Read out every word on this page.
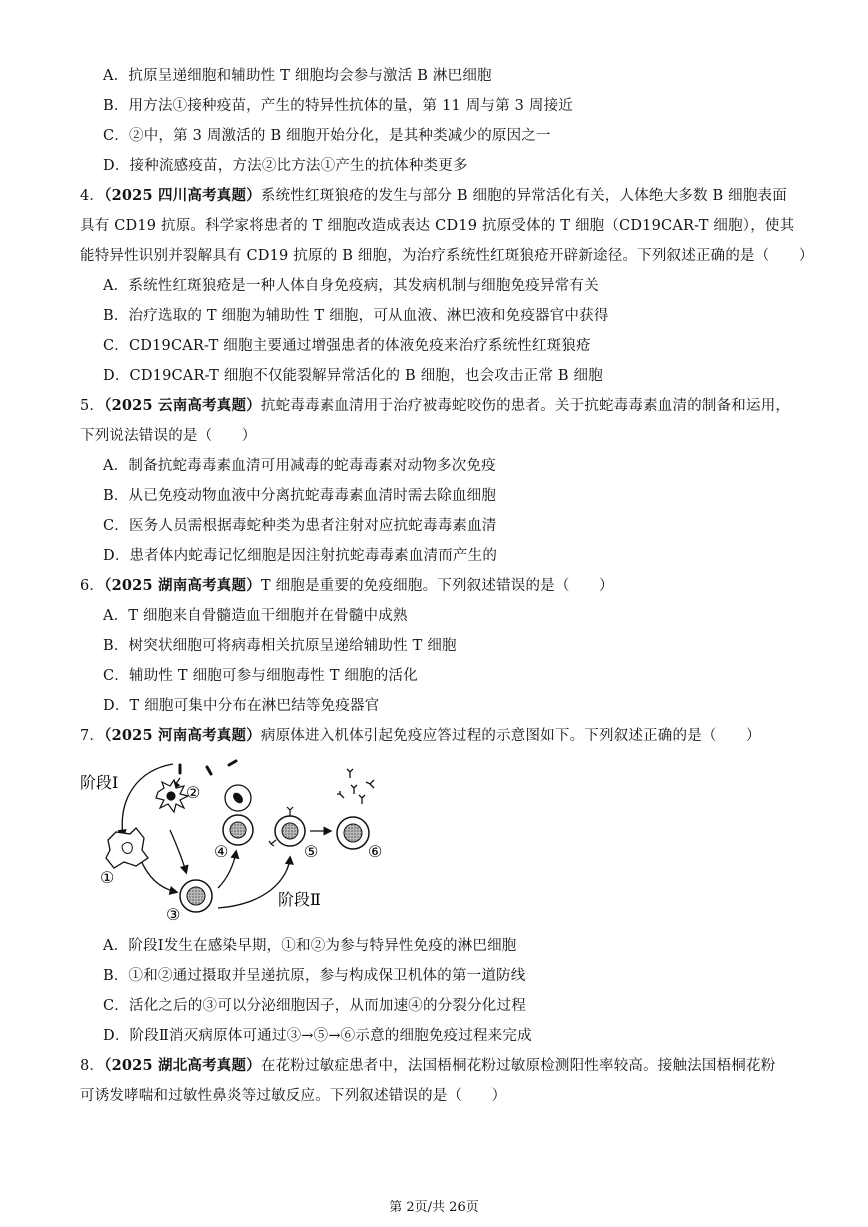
A．抗原呈递细胞和辅助性 T 细胞均会参与激活 B 淋巴细胞
B．用方法①接种疫苗，产生的特异性抗体的量，第 11 周与第 3 周接近
C．②中，第 3 周激活的 B 细胞开始分化，是其种类减少的原因之一
D．接种流感疫苗，方法②比方法①产生的抗体种类更多
4．（2025 四川高考真题）系统性红斑狼疮的发生与部分 B 细胞的异常活化有关，人体绝大多数 B 细胞表面
具有 CD19 抗原。科学家将患者的 T 细胞改造成表达 CD19 抗原受体的 T 细胞（CD19CAR-T 细胞），使其
能特异性识别并裂解具有 CD19 抗原的 B 细胞，为治疗系统性红斑狼疮开辟新途径。下列叙述正确的是（　　）
A．系统性红斑狼疮是一种人体自身免疫病，其发病机制与细胞免疫异常有关
B．治疗选取的 T 细胞为辅助性 T 细胞，可从血液、淋巴液和免疫器官中获得
C．CD19CAR-T 细胞主要通过增强患者的体液免疫来治疗系统性红斑狼疮
D．CD19CAR-T 细胞不仅能裂解异常活化的 B 细胞，也会攻击正常 B 细胞
5．（2025 云南高考真题）抗蛇毒毒素血清用于治疗被毒蛇咬伤的患者。关于抗蛇毒毒素血清的制备和运用，
下列说法错误的是（　　）
A．制备抗蛇毒毒素血清可用减毒的蛇毒毒素对动物多次免疫
B．从已免疫动物血液中分离抗蛇毒毒素血清时需去除血细胞
C．医务人员需根据毒蛇种类为患者注射对应抗蛇毒毒素血清
D．患者体内蛇毒记忆细胞是因注射抗蛇毒毒素血清而产生的
6．（2025 湖南高考真题）T 细胞是重要的免疫细胞。下列叙述错误的是（　　）
A．T 细胞来自骨髓造血干细胞并在骨髓中成熟
B．树突状细胞可将病毒相关抗原呈递给辅助性 T 细胞
C．辅助性 T 细胞可参与细胞毒性 T 细胞的活化
D．T 细胞可集中分布在淋巴结等免疫器官
7．（2025 河南高考真题）病原体进入机体引起免疫应答过程的示意图如下。下列叙述正确的是（　　）
阶段Ⅰ
阶段Ⅱ
①
②
③
④	⑤	⑥
A．阶段Ⅰ发生在感染早期，①和②为参与特异性免疫的淋巴细胞
B．①和②通过摄取并呈递抗原，参与构成保卫机体的第一道防线
C．活化之后的③可以分泌细胞因子，从而加速④的分裂分化过程
D．阶段Ⅱ消灭病原体可通过③→⑤→⑥示意的细胞免疫过程来完成
8．（2025 湖北高考真题）在花粉过敏症患者中，法国梧桐花粉过敏原检测阳性率较高。接触法国梧桐花粉
可诱发哮喘和过敏性鼻炎等过敏反应。下列叙述错误的是（　　）
第 2页/共 26页
